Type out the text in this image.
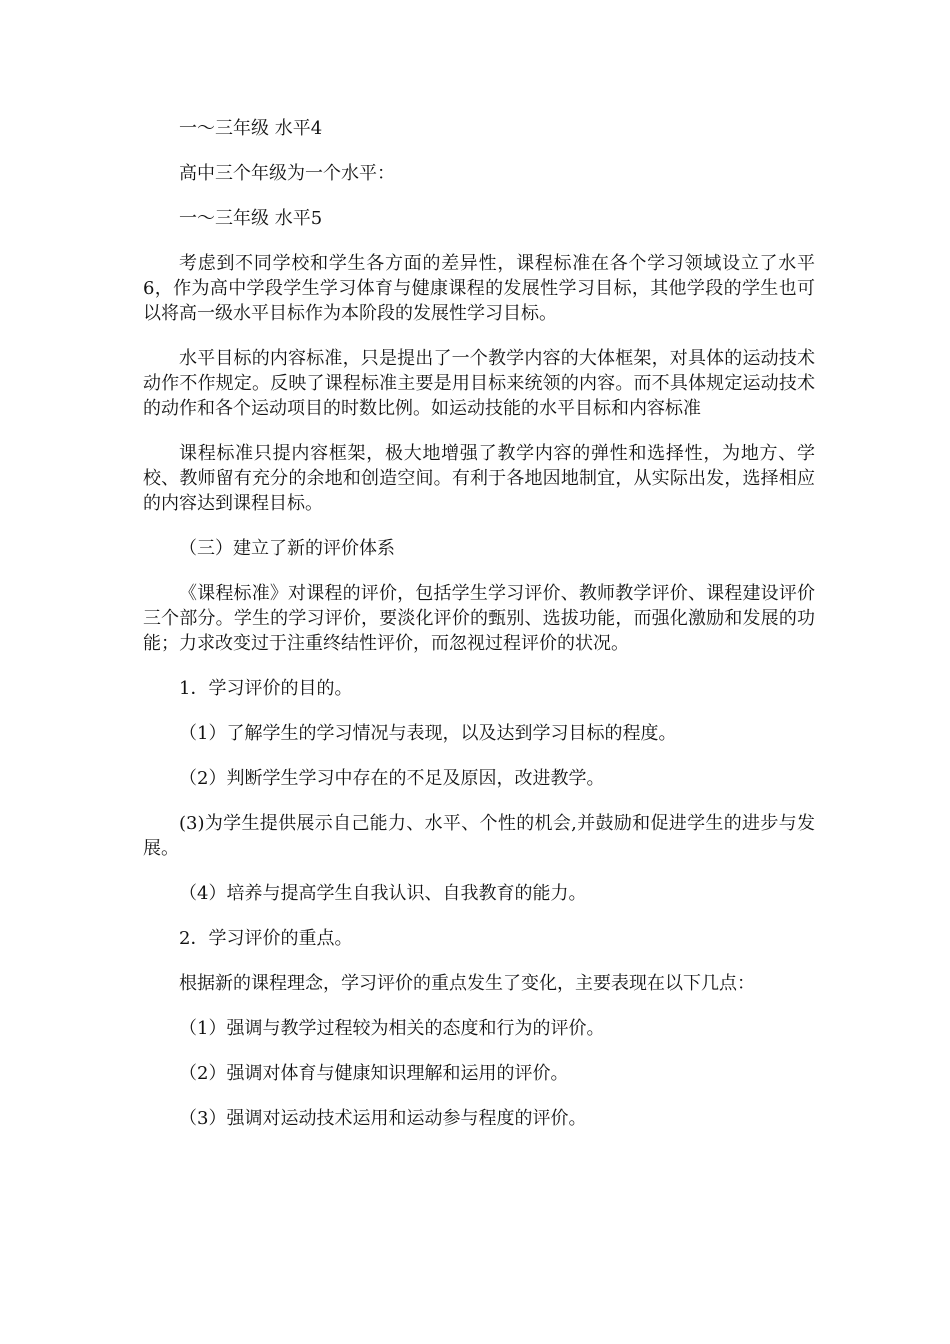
一～三年级 水平4

高中三个年级为一个水平：

一～三年级 水平5

考虑到不同学校和学生各方面的差异性，课程标准在各个学习领域设立了水平6，作为高中学段学生学习体育与健康课程的发展性学习目标，其他学段的学生也可以将高一级水平目标作为本阶段的发展性学习目标。

水平目标的内容标准，只是提出了一个教学内容的大体框架，对具体的运动技术动作不作规定。反映了课程标准主要是用目标来统领的内容。而不具体规定运动技术的动作和各个运动项目的时数比例。如运动技能的水平目标和内容标准

课程标准只提内容框架，极大地增强了教学内容的弹性和选择性，为地方、学校、教师留有充分的余地和创造空间。有利于各地因地制宜，从实际出发，选择相应的内容达到课程目标。

（三）建立了新的评价体系

《课程标准》对课程的评价，包括学生学习评价、教师教学评价、课程建设评价三个部分。学生的学习评价，要淡化评价的甄别、选拔功能，而强化激励和发展的功能；力求改变过于注重终结性评价，而忽视过程评价的状况。

1．学习评价的目的。

（1）了解学生的学习情况与表现，以及达到学习目标的程度。

（2）判断学生学习中存在的不足及原因，改进教学。

(3)为学生提供展示自己能力、水平、个性的机会,并鼓励和促进学生的进步与发展。

（4）培养与提高学生自我认识、自我教育的能力。

2．学习评价的重点。

根据新的课程理念，学习评价的重点发生了变化，主要表现在以下几点：

（1）强调与教学过程较为相关的态度和行为的评价。

（2）强调对体育与健康知识理解和运用的评价。

（3）强调对运动技术运用和运动参与程度的评价。
